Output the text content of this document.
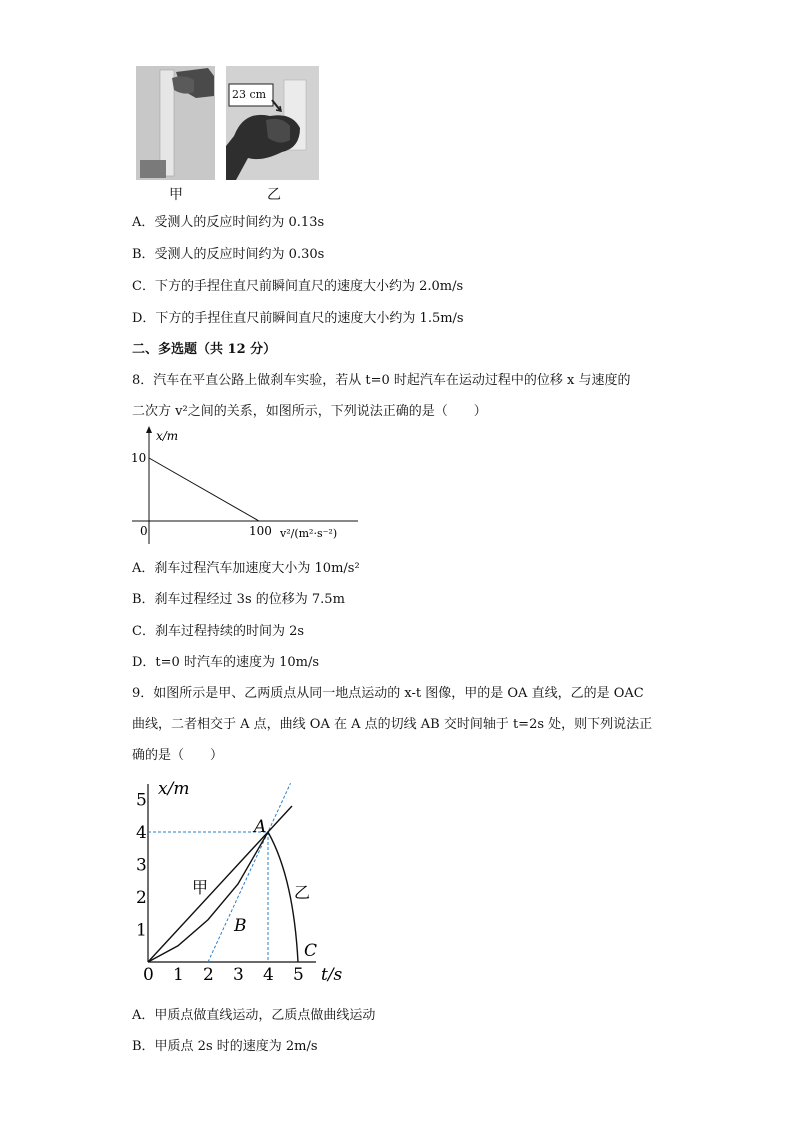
23 cm
甲	乙
A．受测人的反应时间约为 0.13s
B．受测人的反应时间约为 0.30s
C．下方的手捏住直尺前瞬间直尺的速度大小约为 2.0m/s
D．下方的手捏住直尺前瞬间直尺的速度大小约为 1.5m/s
二、多选题（共 12 分）
8．汽车在平直公路上做刹车实验，若从 t=0 时起汽车在运动过程中的位移 x 与速度的
二次方 v²之间的关系，如图所示，下列说法正确的是（　　）
x/m
10
0	100 v²/(m²·s⁻²)
A．刹车过程汽车加速度大小为 10m/s²
B．刹车过程经过 3s 的位移为 7.5m
C．刹车过程持续的时间为 2s
D．t=0 时汽车的速度为 10m/s
9．如图所示是甲、乙两质点从同一地点运动的 x-t 图像，甲的是 OA 直线，乙的是 OAC
曲线，二者相交于 A 点，曲线 OA 在 A 点的切线 AB 交时间轴于 t=2s 处，则下列说法正
确的是（　　）
0 1 2 3 4 5
1
2
3
4
5
x/m
t/s
A
B
C
甲	乙
A．甲质点做直线运动，乙质点做曲线运动
B．甲质点 2s 时的速度为 2m/s
